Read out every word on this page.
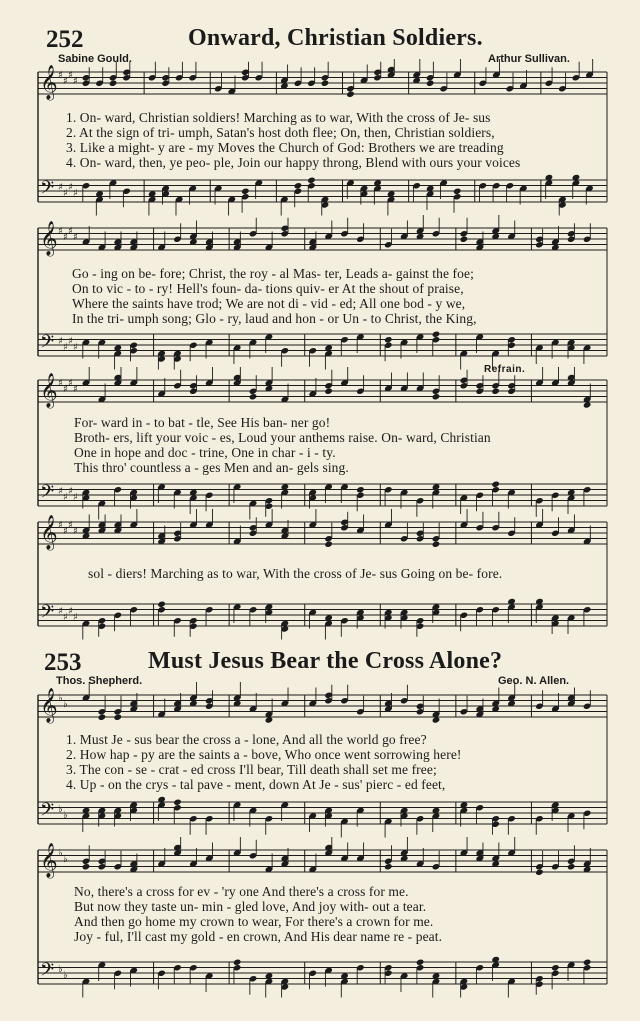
𝄞
𝄢
♯
♯
♯
♯
♯
♯
♯
♯
𝄞
𝄢
♯
♯
♯
♯
♯
♯
♯
♯
𝄞
𝄢
♯
♯
♯
♯
♯
♯
♯
♯
𝄞
𝄢
♯
♯
♯
♯
♯
♯
♯
♯
𝄞
𝄢
♭
♭
♭
♭
𝄞
𝄢
♭
♭
♭
♭
252	Onward, Christian Soldiers.
Sabine Gould.	Arthur Sullivan.
1. On- ward, Christian soldiers! Marching as to war, With the cross of Je- sus
2. At the sign of tri- umph, Satan's host doth flee; On, then, Christian soldiers,
3. Like a might- y are - my Moves the Church of God: Brothers we are treading
4. On- ward, then, ye peo- ple, Join our happy throng, Blend with ours your voices
Go - ing on be- fore; Christ, the roy - al Mas- ter, Leads a- gainst the foe;
On to vic - to - ry! Hell's foun- da- tions quiv- er At the shout of praise,
Where the saints have trod; We are not di - vid - ed; All one bod - y we,
In the tri- umph song; Glo - ry, laud and hon - or Un - to Christ, the King,
Refrain.
For- ward in - to bat - tle, See His ban- ner go!
Broth- ers, lift your voic - es, Loud your anthems raise. On- ward, Christian
One in hope and doc - trine, One in char - i - ty.
This thro' countless a - ges Men and an- gels sing.
sol - diers! Marching as to war, With the cross of Je- sus Going on be- fore.
253	Must Jesus Bear the Cross Alone?
Thos. Shepherd.	Geo. N. Allen.
1. Must Je - sus bear the cross a - lone, And all the world go free?
2. How hap - py are the saints a - bove, Who once went sorrowing here!
3. The con - se - crat - ed cross I'll bear, Till death shall set me free;
4. Up - on the crys - tal pave - ment, down At Je - sus' pierc - ed feet,
No, there's a cross for ev - 'ry one And there's a cross for me.
But now they taste un- min - gled love, And joy with- out a tear.
And then go home my crown to wear, For there's a crown for me.
Joy - ful, I'll cast my gold - en crown, And His dear name re - peat.
